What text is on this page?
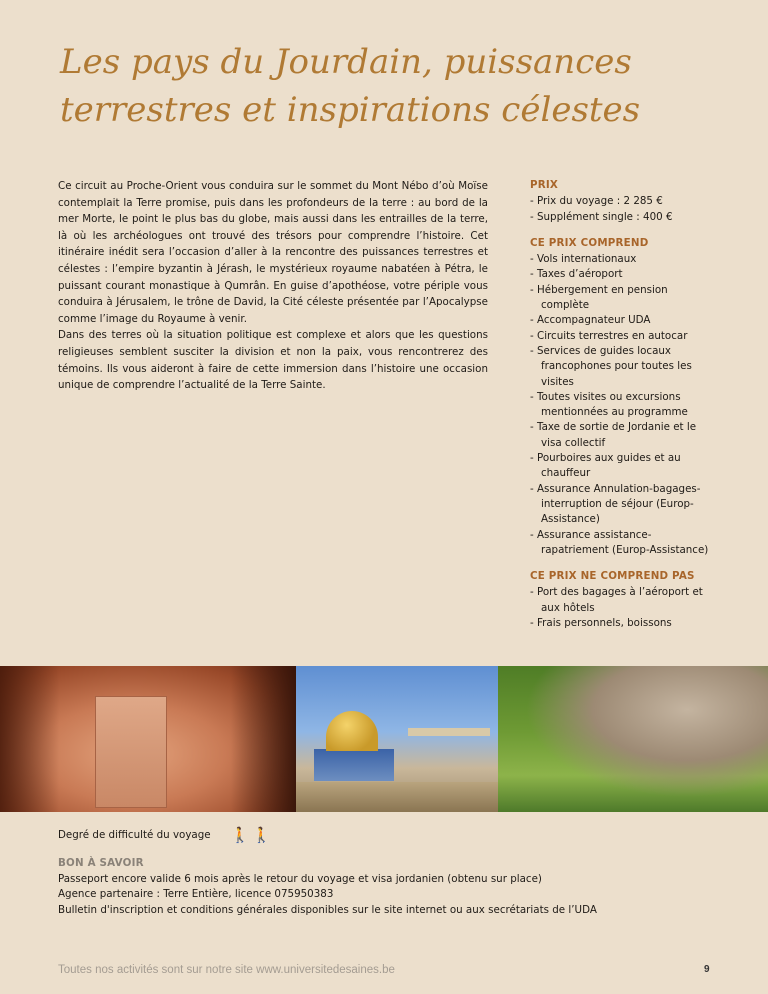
Les pays du Jourdain, puissances terrestres et inspirations célestes

Ce circuit au Proche-Orient vous conduira sur le sommet du Mont Nébo d’où Moïse contemplait la Terre promise, puis dans les profondeurs de la terre : au bord de la mer Morte, le point le plus bas du globe, mais aussi dans les entrailles de la terre, là où les archéologues ont trouvé des trésors pour comprendre l’histoire. Cet itinéraire inédit sera l’occasion d’aller à la rencontre des puissances terrestres et célestes : l’empire byzantin à Jérash, le mystérieux royaume nabatéen à Pétra, le puissant courant monastique à Qumrân. En guise d’apothéose, votre périple vous conduira à Jérusalem, le trône de David, la Cité céleste présentée par l’Apocalypse comme l’image du Royaume à venir.

Dans des terres où la situation politique est complexe et alors que les questions religieuses semblent susciter la division et non la paix, vous rencontrerez des témoins. Ils vous aideront à faire de cette immersion dans l’histoire une occasion unique de comprendre l’actualité de la Terre Sainte.

PRIX
- Prix du voyage : 2 285 €
- Supplément single : 400 €
CE PRIX COMPREND
- Vols internationaux
- Taxes d’aéroport
- Hébergement en pension complète
- Accompagnateur UDA
- Circuits terrestres en autocar
- Services de guides locaux francophones pour toutes les visites
- Toutes visites ou excursions mentionnées au programme
- Taxe de sortie de Jordanie et le visa collectif
- Pourboires aux guides et au chauffeur
- Assurance Annulation-bagages-interruption de séjour (Europ-Assistance)
- Assurance assistance-rapatriement (Europ-Assistance)
CE PRIX NE COMPREND PAS
- Port des bagages à l’aéroport et aux hôtels
- Frais personnels, boissons
Degré de difficulté du voyage 🚶🚶
BON À SAVOIR

Passeport encore valide 6 mois après le retour du voyage et visa jordanien (obtenu sur place)

Agence partenaire : Terre Entière, licence 075950383

Bulletin d'inscription et conditions générales disponibles sur le site internet ou aux secrétariats de l’UDA

Toutes nos activités sont sur notre site www.universitedesaines.be	9
